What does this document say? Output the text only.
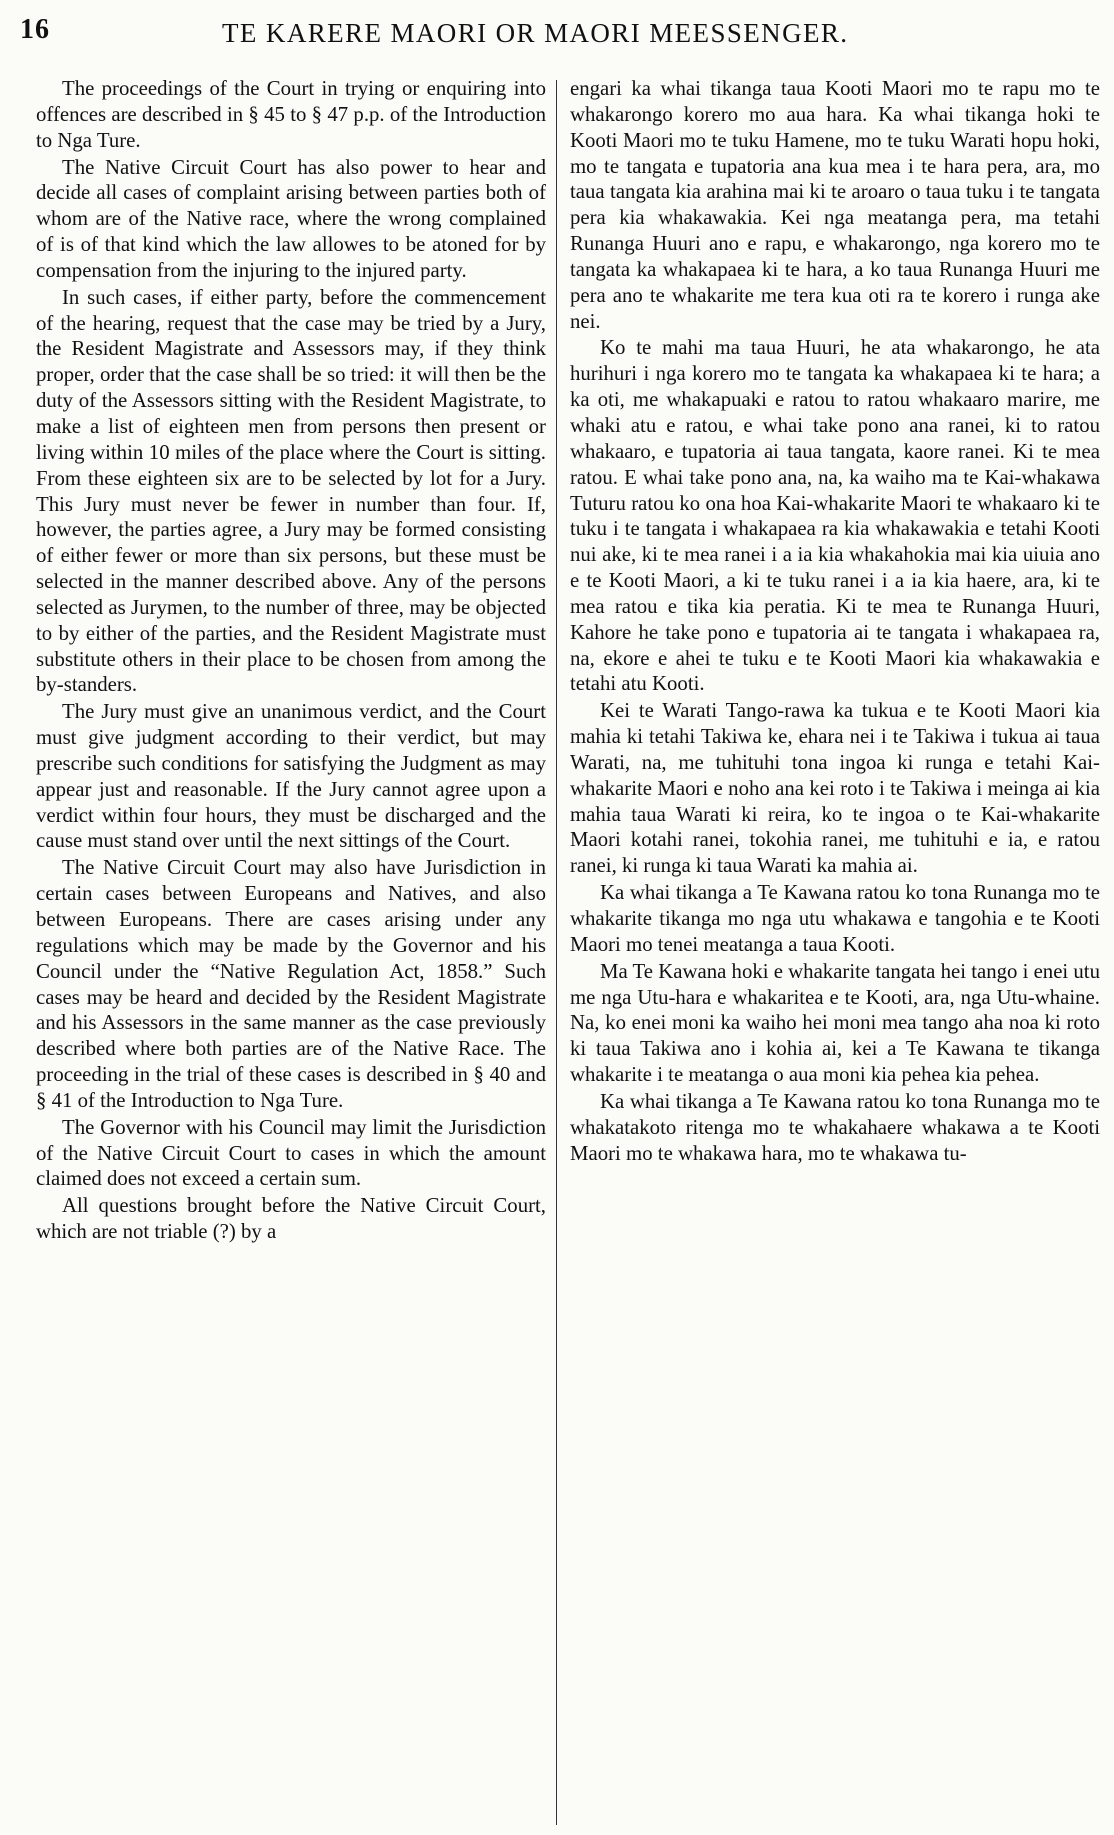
16	TE KARERE MAORI OR MAORI MEESSENGER.

The proceedings of the Court in trying or enquiring into offences are described in § 45 to § 47 p.p. of the Introduction to Nga Ture.

The Native Circuit Court has also power to hear and decide all cases of complaint arising between parties both of whom are of the Native race, where the wrong complained of is of that kind which the law allowes to be atoned for by compensation from the injuring to the injured party.

In such cases, if either party, before the commencement of the hearing, request that the case may be tried by a Jury, the Resident Magistrate and Assessors may, if they think proper, order that the case shall be so tried: it will then be the duty of the Assessors sitting with the Resident Magistrate, to make a list of eighteen men from persons then present or living within 10 miles of the place where the Court is sitting. From these eighteen six are to be selected by lot for a Jury. This Jury must never be fewer in number than four. If, however, the parties agree, a Jury may be formed consisting of either fewer or more than six persons, but these must be selected in the manner described above. Any of the persons selected as Jurymen, to the number of three, may be objected to by either of the parties, and the Resident Magistrate must substitute others in their place to be chosen from among the by-standers.

The Jury must give an unanimous verdict, and the Court must give judgment according to their verdict, but may prescribe such conditions for satisfying the Judgment as may appear just and reasonable. If the Jury cannot agree upon a verdict within four hours, they must be discharged and the cause must stand over until the next sittings of the Court.

The Native Circuit Court may also have Jurisdiction in certain cases between Europeans and Natives, and also between Europeans. There are cases arising under any regulations which may be made by the Governor and his Council under the “Native Regulation Act, 1858.” Such cases may be heard and decided by the Resident Magistrate and his Assessors in the same manner as the case previously described where both parties are of the Native Race. The proceeding in the trial of these cases is described in § 40 and § 41 of the Introduction to Nga Ture.

The Governor with his Council may limit the Jurisdiction of the Native Circuit Court to cases in which the amount claimed does not exceed a certain sum.

All questions brought before the Native Circuit Court, which are not triable (?) by a

engari ka whai tikanga taua Kooti Maori mo te rapu mo te whakarongo korero mo aua hara. Ka whai tikanga hoki te Kooti Maori mo te tuku Hamene, mo te tuku Warati hopu hoki, mo te tangata e tupatoria ana kua mea i te hara pera, ara, mo taua tangata kia arahina mai ki te aroaro o taua tuku i te tangata pera kia whakawakia. Kei nga meatanga pera, ma tetahi Runanga Huuri ano e rapu, e whakarongo, nga korero mo te tangata ka whakapaea ki te hara, a ko taua Runanga Huuri me pera ano te whakarite me tera kua oti ra te korero i runga ake nei.

Ko te mahi ma taua Huuri, he ata whakarongo, he ata hurihuri i nga korero mo te tangata ka whakapaea ki te hara; a ka oti, me whakapuaki e ratou to ratou whakaaro marire, me whaki atu e ratou, e whai take pono ana ranei, ki to ratou whakaaro, e tupatoria ai taua tangata, kaore ranei. Ki te mea ratou. E whai take pono ana, na, ka waiho ma te Kai-whakawa Tuturu ratou ko ona hoa Kai-whakarite Maori te whakaaro ki te tuku i te tangata i whakapaea ra kia whakawakia e tetahi Kooti nui ake, ki te mea ranei i a ia kia whakahokia mai kia uiuia ano e te Kooti Maori, a ki te tuku ranei i a ia kia haere, ara, ki te mea ratou e tika kia peratia. Ki te mea te Runanga Huuri, Kahore he take pono e tupatoria ai te tangata i whakapaea ra, na, ekore e ahei te tuku e te Kooti Maori kia whakawakia e tetahi atu Kooti.

Kei te Warati Tango-rawa ka tukua e te Kooti Maori kia mahia ki tetahi Takiwa ke, ehara nei i te Takiwa i tukua ai taua Warati, na, me tuhituhi tona ingoa ki runga e tetahi Kai-whakarite Maori e noho ana kei roto i te Takiwa i meinga ai kia mahia taua Warati ki reira, ko te ingoa o te Kai-whakarite Maori kotahi ranei, tokohia ranei, me tuhituhi e ia, e ratou ranei, ki runga ki taua Warati ka mahia ai.

Ka whai tikanga a Te Kawana ratou ko tona Runanga mo te whakarite tikanga mo nga utu whakawa e tangohia e te Kooti Maori mo tenei meatanga a taua Kooti.

Ma Te Kawana hoki e whakarite tangata hei tango i enei utu me nga Utu-hara e whakaritea e te Kooti, ara, nga Utu-whaine. Na, ko enei moni ka waiho hei moni mea tango aha noa ki roto ki taua Takiwa ano i kohia ai, kei a Te Kawana te tikanga whakarite i te meatanga o aua moni kia pehea kia pehea.

Ka whai tikanga a Te Kawana ratou ko tona Runanga mo te whakatakoto ritenga mo te whakahaere whakawa a te Kooti Maori mo te whakawa hara, mo te whakawa tu-
